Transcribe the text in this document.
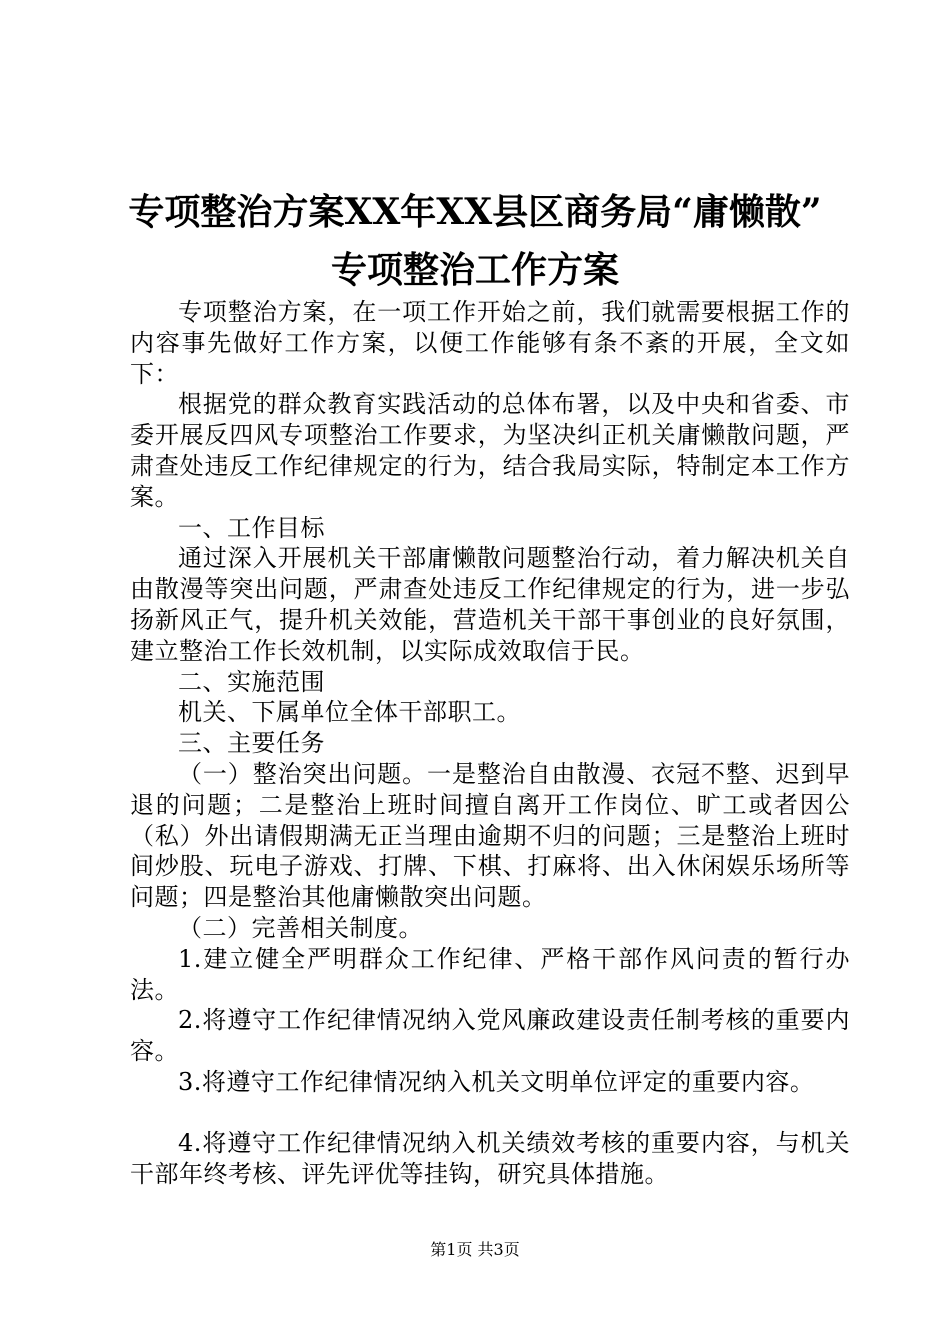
专项整治方案XX年XX县区商务局“庸懒散”
专项整治工作方案

专项整治方案，在一项工作开始之前，我们就需要根据工作的内容事先做好工作方案，以便工作能够有条不紊的开展，全文如下：

根据党的群众教育实践活动的总体布署，以及中央和省委、市委开展反四风专项整治工作要求，为坚决纠正机关庸懒散问题，严肃查处违反工作纪律规定的行为，结合我局实际，特制定本工作方案。

一、工作目标

通过深入开展机关干部庸懒散问题整治行动，着力解决机关自由散漫等突出问题，严肃查处违反工作纪律规定的行为，进一步弘扬新风正气，提升机关效能，营造机关干部干事创业的良好氛围，建立整治工作长效机制，以实际成效取信于民。

二、实施范围

机关、下属单位全体干部职工。

三、主要任务

（一）整治突出问题。一是整治自由散漫、衣冠不整、迟到早退的问题；二是整治上班时间擅自离开工作岗位、旷工或者因公（私）外出请假期满无正当理由逾期不归的问题；三是整治上班时间炒股、玩电子游戏、打牌、下棋、打麻将、出入休闲娱乐场所等问题；四是整治其他庸懒散突出问题。

（二）完善相关制度。

1.建立健全严明群众工作纪律、严格干部作风问责的暂行办法。

2.将遵守工作纪律情况纳入党风廉政建设责任制考核的重要内容。

3.将遵守工作纪律情况纳入机关文明单位评定的重要内容。

4.将遵守工作纪律情况纳入机关绩效考核的重要内容，与机关干部年终考核、评先评优等挂钩，研究具体措施。

第1页 共3页
